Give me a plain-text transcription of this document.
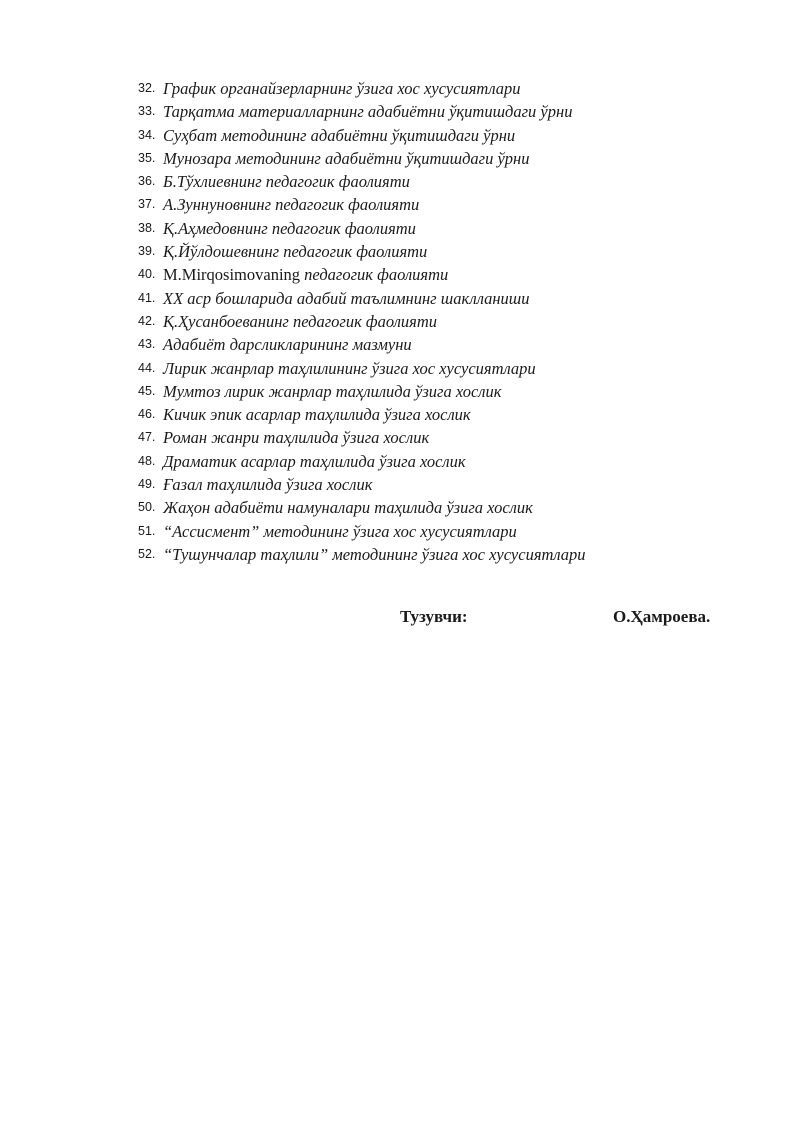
32. График органайзерларнинг ўзига хос хусусиятлари
33. Тарқатма материалларнинг адабиётни ўқитишдаги ўрни
34. Суҳбат методининг адабиётни ўқитишдаги ўрни
35. Мунозара методининг адабиётни ўқитишдаги ўрни
36. Б.Тўхлиевнинг педагогик фаолияти
37. А.Зуннуновнинг педагогик фаолияти
38. Қ.Аҳмедовнинг педагогик фаолияти
39. Қ.Йўлдошевнинг педагогик фаолияти
40. M.Mirqosimovaning педагогик фаолияти
41. XX аср бошларида адабий таълимнинг шаклланиши
42. Қ.Ҳусанбоеванинг педагогик фаолияти
43. Адабиёт дарсликларининг мазмуни
44. Лирик жанрлар таҳлилининг ўзига хос хусусиятлари
45. Мумтоз лирик жанрлар таҳлилида ўзига хослик
46. Кичик эпик асарлар таҳлилида ўзига хослик
47. Роман жанри таҳлилида ўзига хослик
48. Драматик асарлар таҳлилида ўзига хослик
49. Ғазал таҳлилида ўзига хослик
50. Жаҳон адабиёти намуналари таҳилида ўзига хослик
51. “Ассисмент” методининг ўзига хос хусусиятлари
52. “Тушунчалар таҳлили” методининг ўзига хос хусусиятлари
Тузувчи:	О.Ҳамроева.
